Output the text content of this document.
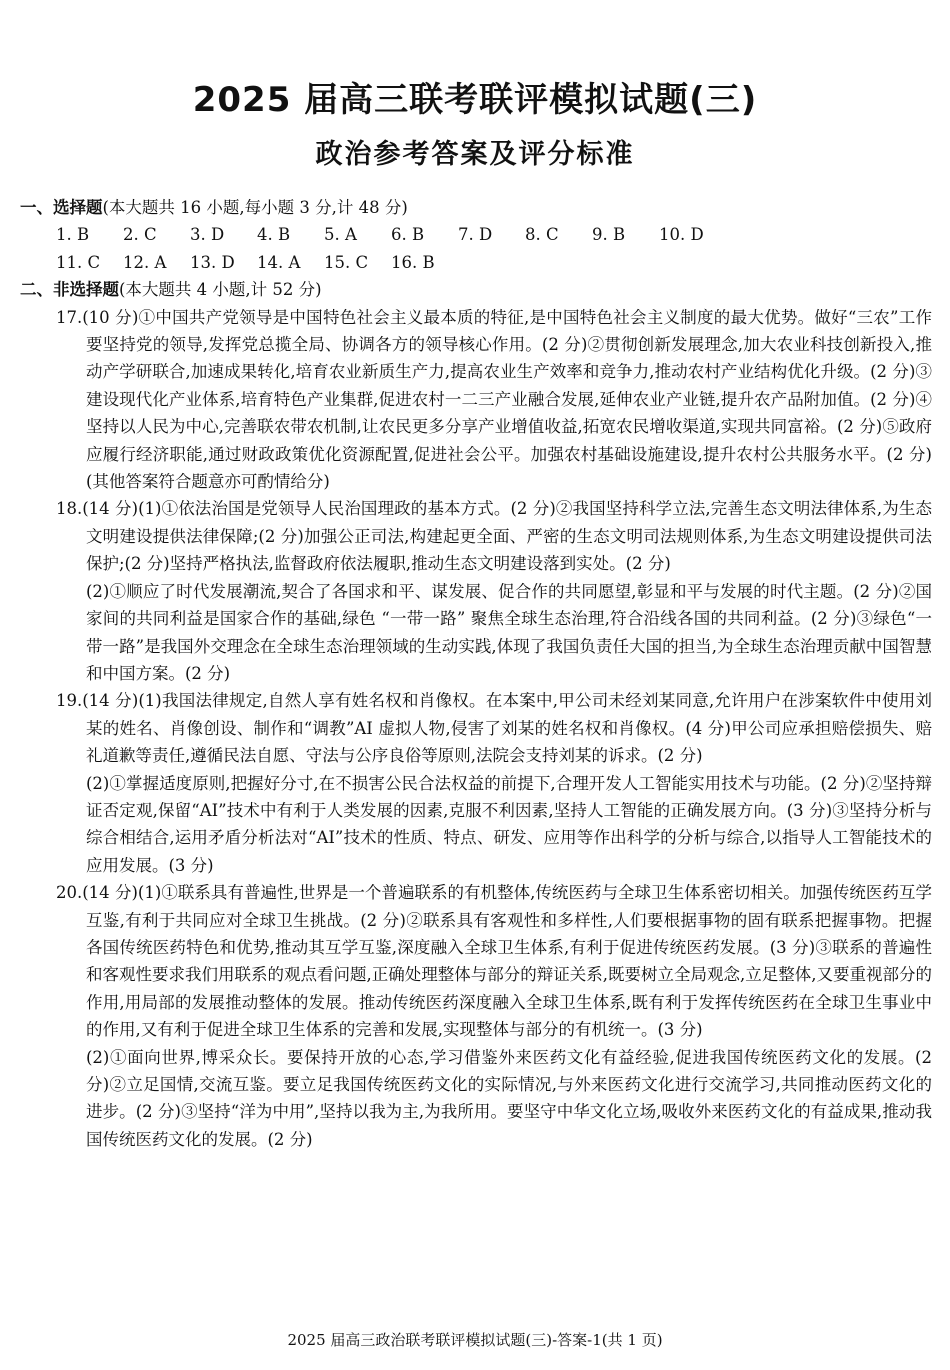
2025 届高三联考联评模拟试题(三)
政治参考答案及评分标准
一、选择题(本大题共 16 小题,每小题 3 分,计 48 分)
1. B 2. C 3. D 4. B 5. A 6. B 7. D 8. C 9. B 10. D
11. C 12. A 13. D 14. A 15. C 16. B
二、非选择题(本大题共 4 小题,计 52 分)

17.(10 分)①中国共产党领导是中国特色社会主义最本质的特征,是中国特色社会主义制度的最大优势。做好“三农”工作要坚持党的领导,发挥党总揽全局、协调各方的领导核心作用。(2 分)②贯彻创新发展理念,加大农业科技创新投入,推动产学研联合,加速成果转化,培育农业新质生产力,提高农业生产效率和竞争力,推动农村产业结构优化升级。(2 分)③建设现代化产业体系,培育特色产业集群,促进农村一二三产业融合发展,延伸农业产业链,提升农产品附加值。(2 分)④坚持以人民为中心,完善联农带农机制,让农民更多分享产业增值收益,拓宽农民增收渠道,实现共同富裕。(2 分)⑤政府应履行经济职能,通过财政政策优化资源配置,促进社会公平。加强农村基础设施建设,提升农村公共服务水平。(2 分)(其他答案符合题意亦可酌情给分)

18.(14 分)(1)①依法治国是党领导人民治国理政的基本方式。(2 分)②我国坚持科学立法,完善生态文明法律体系,为生态文明建设提供法律保障;(2 分)加强公正司法,构建起更全面、严密的生态文明司法规则体系,为生态文明建设提供司法保护;(2 分)坚持严格执法,监督政府依法履职,推动生态文明建设落到实处。(2 分)

(2)①顺应了时代发展潮流,契合了各国求和平、谋发展、促合作的共同愿望,彰显和平与发展的时代主题。(2 分)②国家间的共同利益是国家合作的基础,绿色 “一带一路” 聚焦全球生态治理,符合沿线各国的共同利益。(2 分)③绿色“一带一路”是我国外交理念在全球生态治理领域的生动实践,体现了我国负责任大国的担当,为全球生态治理贡献中国智慧和中国方案。(2 分)

19.(14 分)(1)我国法律规定,自然人享有姓名权和肖像权。在本案中,甲公司未经刘某同意,允许用户在涉案软件中使用刘某的姓名、肖像创设、制作和“调教”AI 虚拟人物,侵害了刘某的姓名权和肖像权。(4 分)甲公司应承担赔偿损失、赔礼道歉等责任,遵循民法自愿、守法与公序良俗等原则,法院会支持刘某的诉求。(2 分)

(2)①掌握适度原则,把握好分寸,在不损害公民合法权益的前提下,合理开发人工智能实用技术与功能。(2 分)②坚持辩证否定观,保留“AI”技术中有利于人类发展的因素,克服不利因素,坚持人工智能的正确发展方向。(3 分)③坚持分析与综合相结合,运用矛盾分析法对“AI”技术的性质、特点、研发、应用等作出科学的分析与综合,以指导人工智能技术的应用发展。(3 分)

20.(14 分)(1)①联系具有普遍性,世界是一个普遍联系的有机整体,传统医药与全球卫生体系密切相关。加强传统医药互学互鉴,有利于共同应对全球卫生挑战。(2 分)②联系具有客观性和多样性,人们要根据事物的固有联系把握事物。把握各国传统医药特色和优势,推动其互学互鉴,深度融入全球卫生体系,有利于促进传统医药发展。(3 分)③联系的普遍性和客观性要求我们用联系的观点看问题,正确处理整体与部分的辩证关系,既要树立全局观念,立足整体,又要重视部分的作用,用局部的发展推动整体的发展。推动传统医药深度融入全球卫生体系,既有利于发挥传统医药在全球卫生事业中的作用,又有利于促进全球卫生体系的完善和发展,实现整体与部分的有机统一。(3 分)

(2)①面向世界,博采众长。要保持开放的心态,学习借鉴外来医药文化有益经验,促进我国传统医药文化的发展。(2 分)②立足国情,交流互鉴。要立足我国传统医药文化的实际情况,与外来医药文化进行交流学习,共同推动医药文化的进步。(2 分)③坚持“洋为中用”,坚持以我为主,为我所用。要坚守中华文化立场,吸收外来医药文化的有益成果,推动我国传统医药文化的发展。(2 分)

2025 届高三政治联考联评模拟试题(三)-答案-1(共 1 页)
